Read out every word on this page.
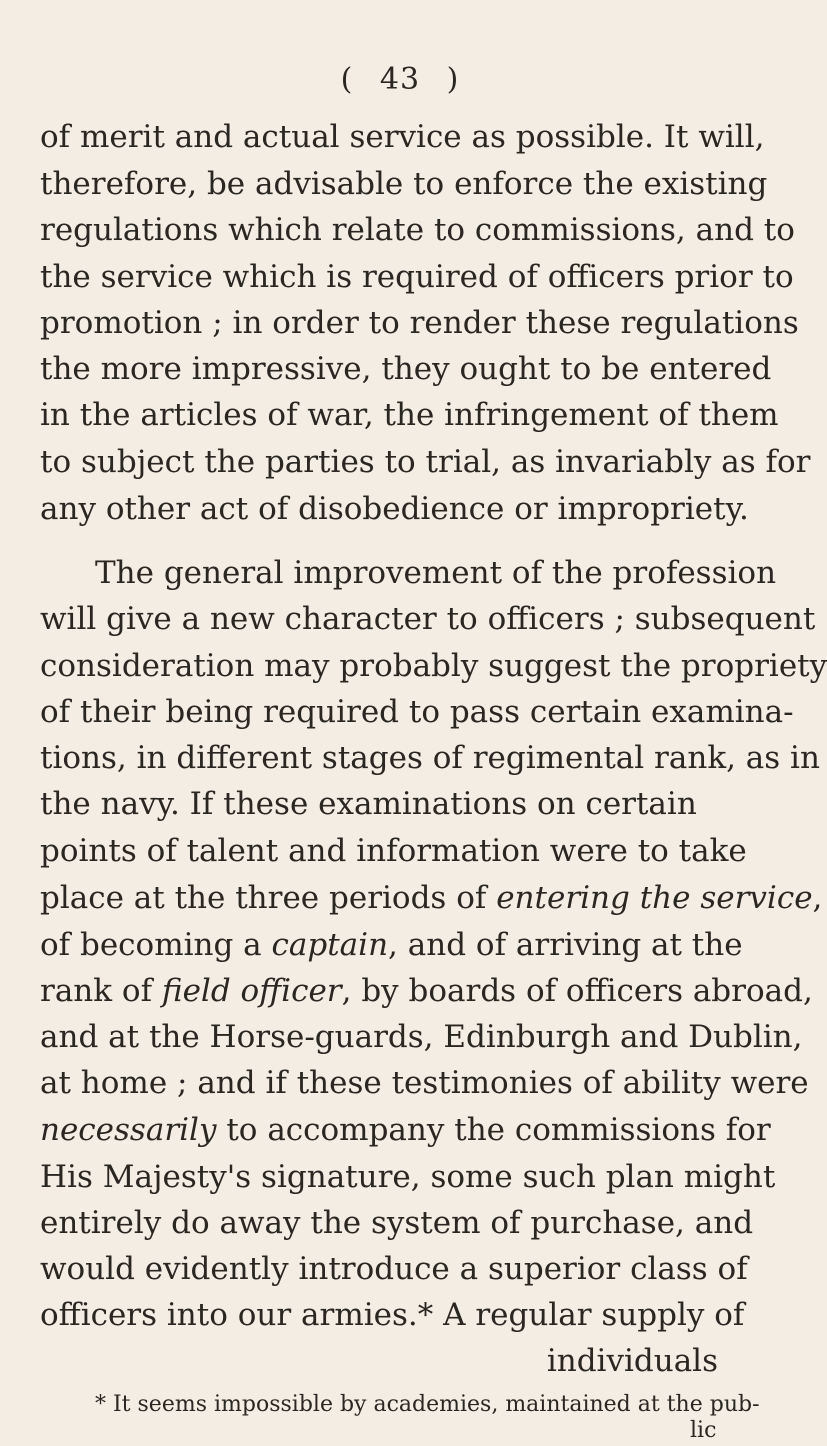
( 43 )
of merit and actual service as possible. It will,
therefore, be advisable to enforce the existing
regulations which relate to commissions, and to
the service which is required of officers prior to
promotion ; in order to render these regulations
the more impressive, they ought to be entered
in the articles of war, the infringement of them
to subject the parties to trial, as invariably as for
any other act of disobedience or impropriety.
The general improvement of the profession
will give a new character to officers ; subsequent
consideration may probably suggest the propriety
of their being required to pass certain examina-
tions, in different stages of regimental rank, as in
the navy. If these examinations on certain
points of talent and information were to take
place at the three periods of entering the service,
of becoming a captain, and of arriving at the
rank of field officer, by boards of officers abroad,
and at the Horse-guards, Edinburgh and Dublin,
at home ; and if these testimonies of ability were
necessarily to accompany the commissions for
His Majesty's signature, some such plan might
entirely do away the system of purchase, and
would evidently introduce a superior class of
officers into our armies.* A regular supply of
individuals
* It seems impossible by academies, maintained at the pub-
lic
